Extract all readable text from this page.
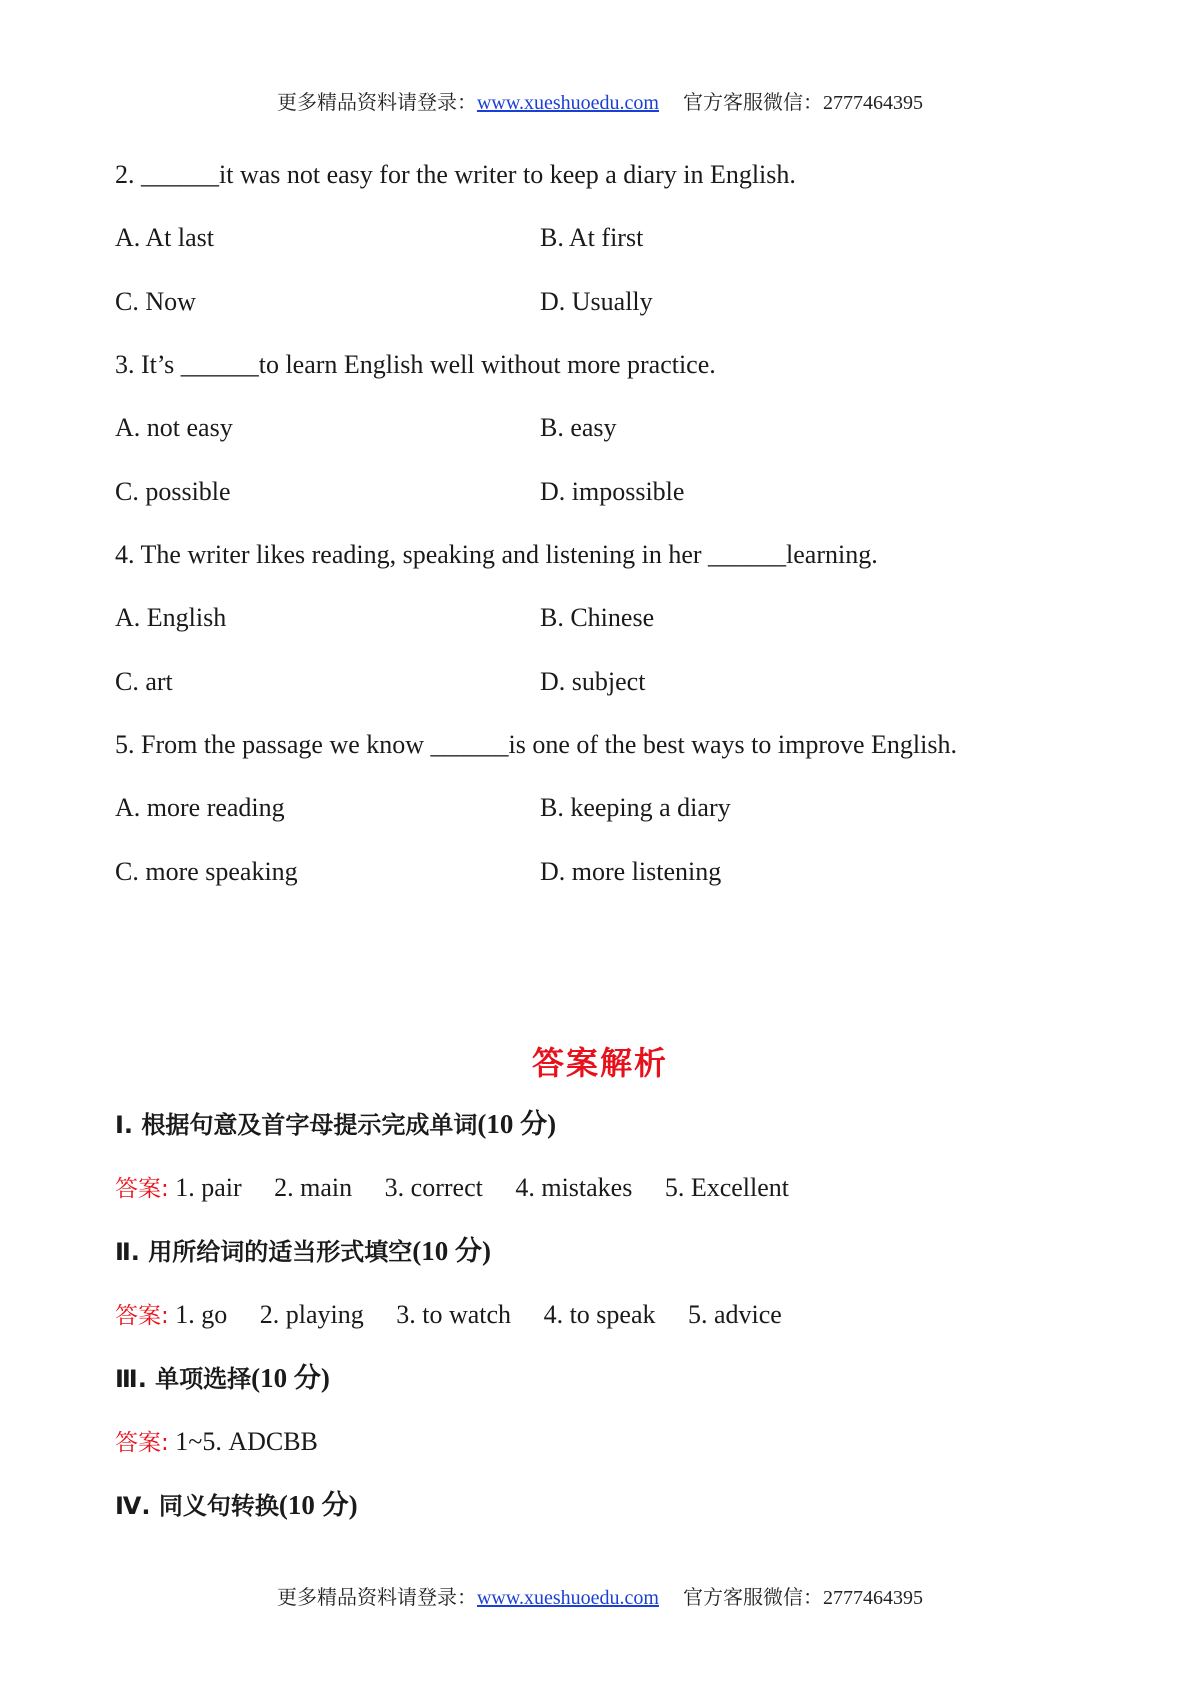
更多精品资料请登录：www.xueshuoedu.com 官方客服微信：2777464395
2. ______it was not easy for the writer to keep a diary in English.
A. At last	B. At first
C. Now	D. Usually
3. It’s ______to learn English well without more practice.
A. not easy	B. easy
C. possible	D. impossible
4. The writer likes reading, speaking and listening in her ______learning.
A. English	B. Chinese
C. art	D. subject
5. From the passage we know ______is one of the best ways to improve English.
A. more reading	B. keeping a diary
C. more speaking	D. more listening
答案解析
Ⅰ. 根据句意及首字母提示完成单词(10 分)
答案: 1. pair 2. main 3. correct 4. mistakes 5. Excellent
Ⅱ. 用所给词的适当形式填空(10 分)
答案: 1. go 2. playing 3. to watch 4. to speak 5. advice
Ⅲ. 单项选择(10 分)
答案: 1~5. ADCBB
Ⅳ. 同义句转换(10 分)
更多精品资料请登录：www.xueshuoedu.com 官方客服微信：2777464395
